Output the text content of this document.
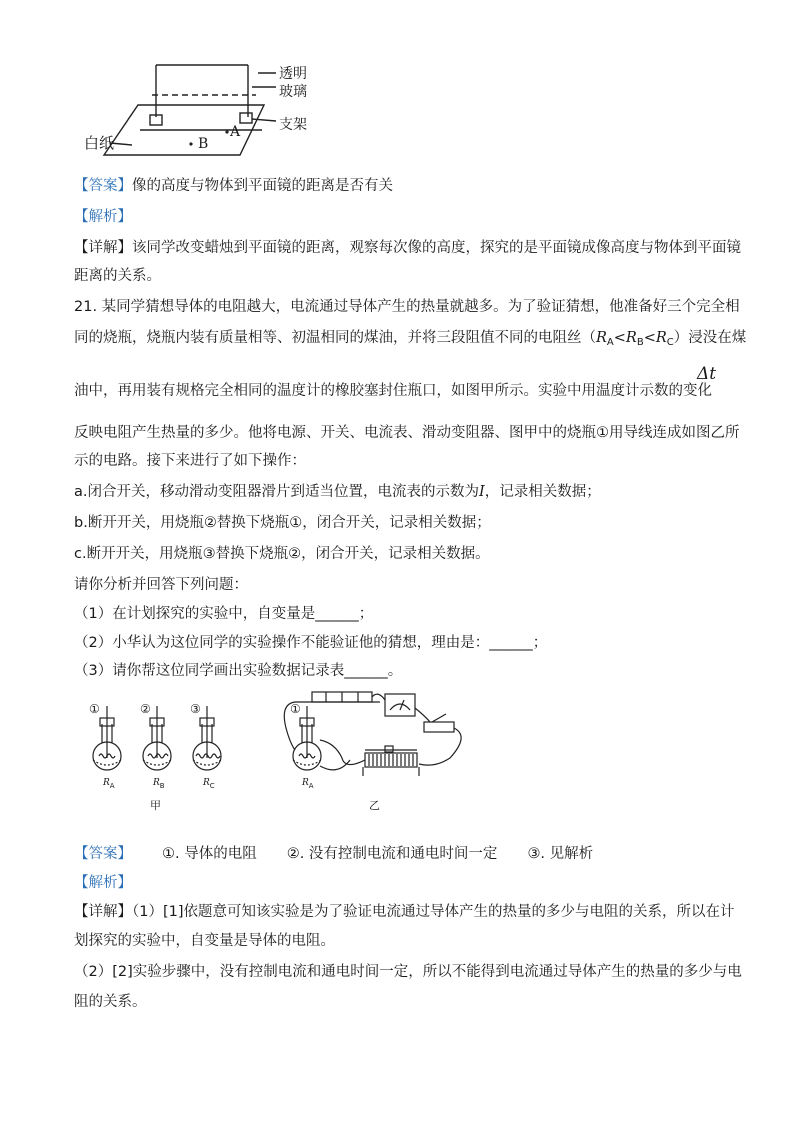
透明
玻璃
支架
白纸
A
B
【答案】像的高度与物体到平面镜的距离是否有关
【解析】
【详解】该同学改变蜡烛到平面镜的距离，观察每次像的高度，探究的是平面镜成像高度与物体到平面镜
距离的关系。
21. 某同学猜想导体的电阻越大，电流通过导体产生的热量就越多。为了验证猜想，他准备好三个完全相
同的烧瓶，烧瓶内装有质量相等、初温相同的煤油，并将三段阻值不同的电阻丝$(R_A<R_B<R_C)$浸没在煤
油中，再用装有规格完全相同的温度计的橡胶塞封住瓶口，如图甲所示。实验中用温度计示数的变化
Δt
反映电阻产生热量的多少。他将电源、开关、电流表、滑动变阻器、图甲中的烧瓶①用导线连成如图乙所
示的电路。接下来进行了如下操作：
a.闭合开关，移动滑动变阻器滑片到适当位置，电流表的示数为I，记录相关数据；
b.断开开关，用烧瓶②替换下烧瓶①，闭合开关，记录相关数据；
c.断开开关，用烧瓶③替换下烧瓶②，闭合开关，记录相关数据。
请你分析并回答下列问题：
（1）在计划探究的实验中，自变量是______；
（2）小华认为这位同学的实验操作不能验证他的猜想，理由是：______；
（3）请你帮这位同学画出实验数据记录表______。
①	②	③	①
$R_A$	$R_B$	$R_C$	$R_A$
甲	乙
【答案】 ①. 导体的电阻 ②. 没有控制电流和通电时间一定 ③. 见解析
【解析】
【详解】（1）[1]依题意可知该实验是为了验证电流通过导体产生的热量的多少与电阻的关系，所以在计
划探究的实验中，自变量是导体的电阻。
（2）[2]实验步骤中，没有控制电流和通电时间一定，所以不能得到电流通过导体产生的热量的多少与电
阻的关系。
